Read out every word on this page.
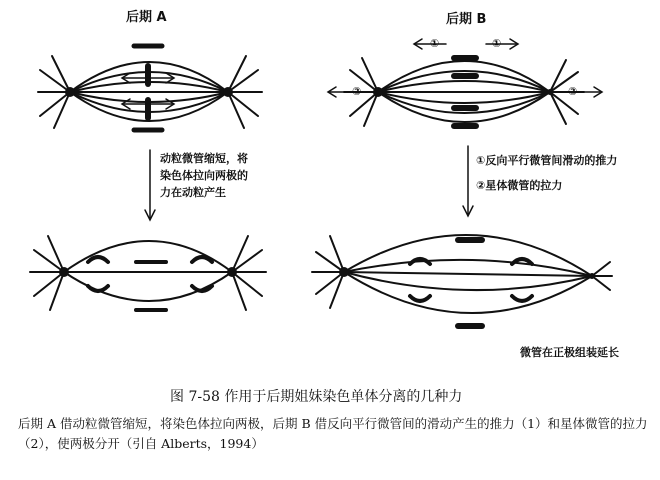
后期 A	后期 B
①	①
②	②
动粒微管缩短，将
染色体拉向两极的
力在动粒产生
①反向平行微管间滑动的推力
②星体微管的拉力
微管在正极组装延长
图 7-58 作用于后期姐妹染色单体分离的几种力
后期 A 借动粒微管缩短，将染色体拉向两极，后期 B 借反向平行微管间的滑动产生的推力（1）和星体微管的拉力（2），使两极分开（引自 Alberts，1994）
